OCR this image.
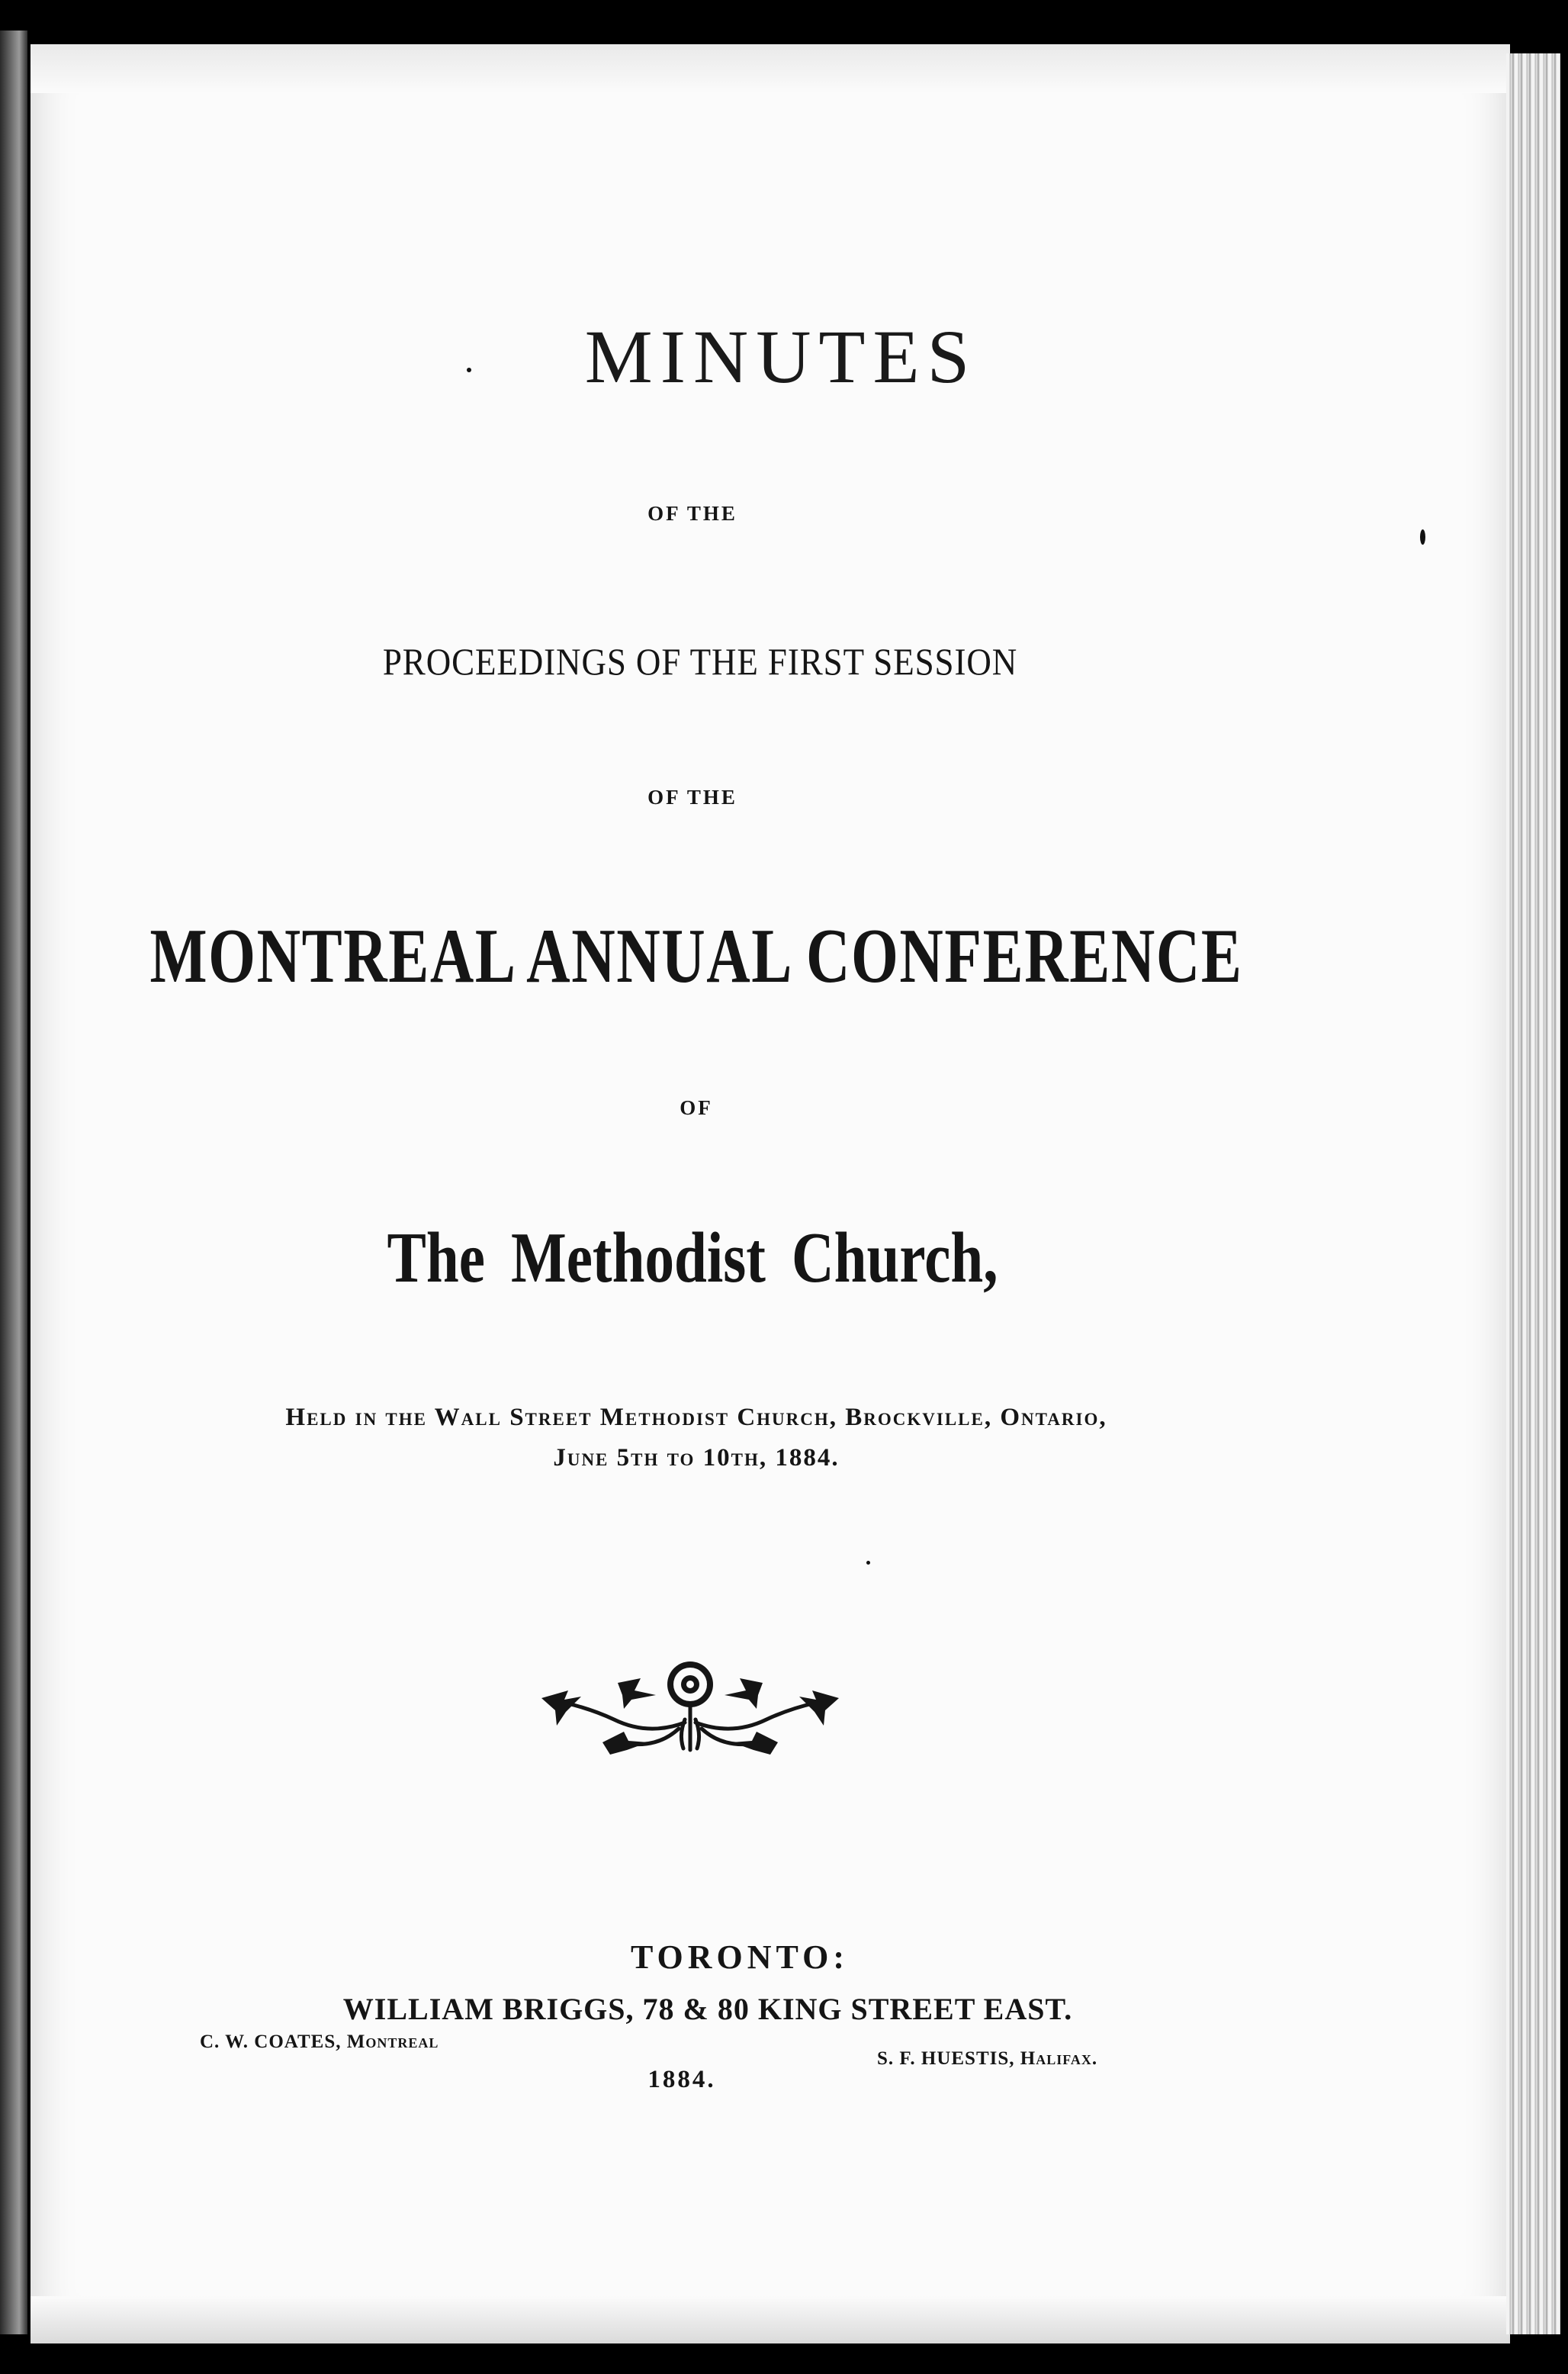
MINUTES

OF THE

PROCEEDINGS OF THE FIRST SESSION

OF THE

MONTREAL ANNUAL CONFERENCE

OF

The Methodist Church,

Held in the Wall Street Methodist Church, Brockville, Ontario,

June 5th to 10th, 1884.

TORONTO:

WILLIAM BRIGGS, 78 & 80 KING STREET EAST.

C. W. COATES, Montreal

S. F. HUESTIS, Halifax.

1884.
